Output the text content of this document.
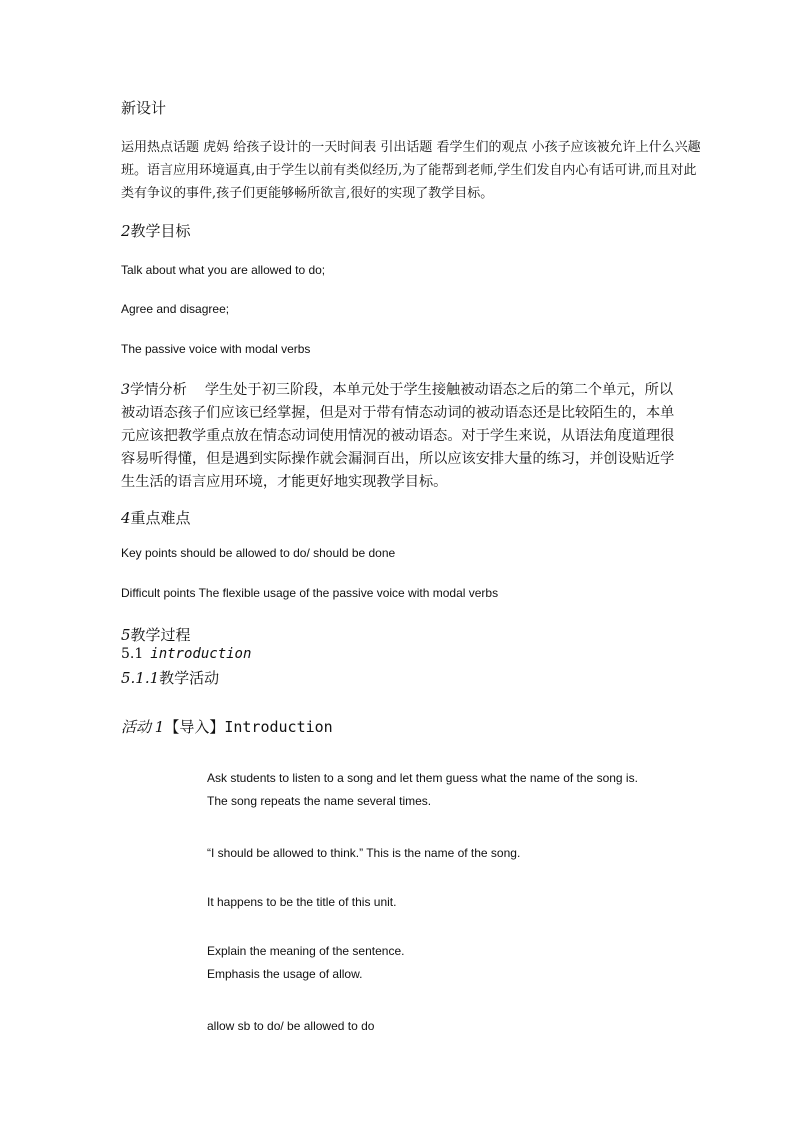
新设计
运用热点话题 虎妈 给孩子设计的一天时间表 引出话题 看学生们的观点 小孩子应该被允许上什么兴趣班。语言应用环境逼真,由于学生以前有类似经历,为了能帮到老师,学生们发自内心有话可讲,而且对此类有争议的事件,孩子们更能够畅所欲言,很好的实现了教学目标。
2教学目标
Talk about what you are allowed to do;
Agree and disagree;
The passive voice with modal verbs
3学情分析 学生处于初三阶段，本单元处于学生接触被动语态之后的第二个单元，所以被动语态孩子们应该已经掌握，但是对于带有情态动词的被动语态还是比较陌生的，本单元应该把教学重点放在情态动词使用情况的被动语态。对于学生来说，从语法角度道理很容易听得懂，但是遇到实际操作就会漏洞百出，所以应该安排大量的练习，并创设贴近学生生活的语言应用环境，才能更好地实现教学目标。
4重点难点
Key points should be allowed to do/ should be done
Difficult points The flexible usage of the passive voice with modal verbs
5教学过程
5.1 introduction
5.1.1教学活动
活动 1【导入】Introduction
Ask students to listen to a song and let them guess what the name of the song is.
The song repeats the name several times.
“I should be allowed to think.” This is the name of the song.
It happens to be the title of this unit.
Explain the meaning of the sentence.
Emphasis the usage of allow.
allow sb to do/ be allowed to do
